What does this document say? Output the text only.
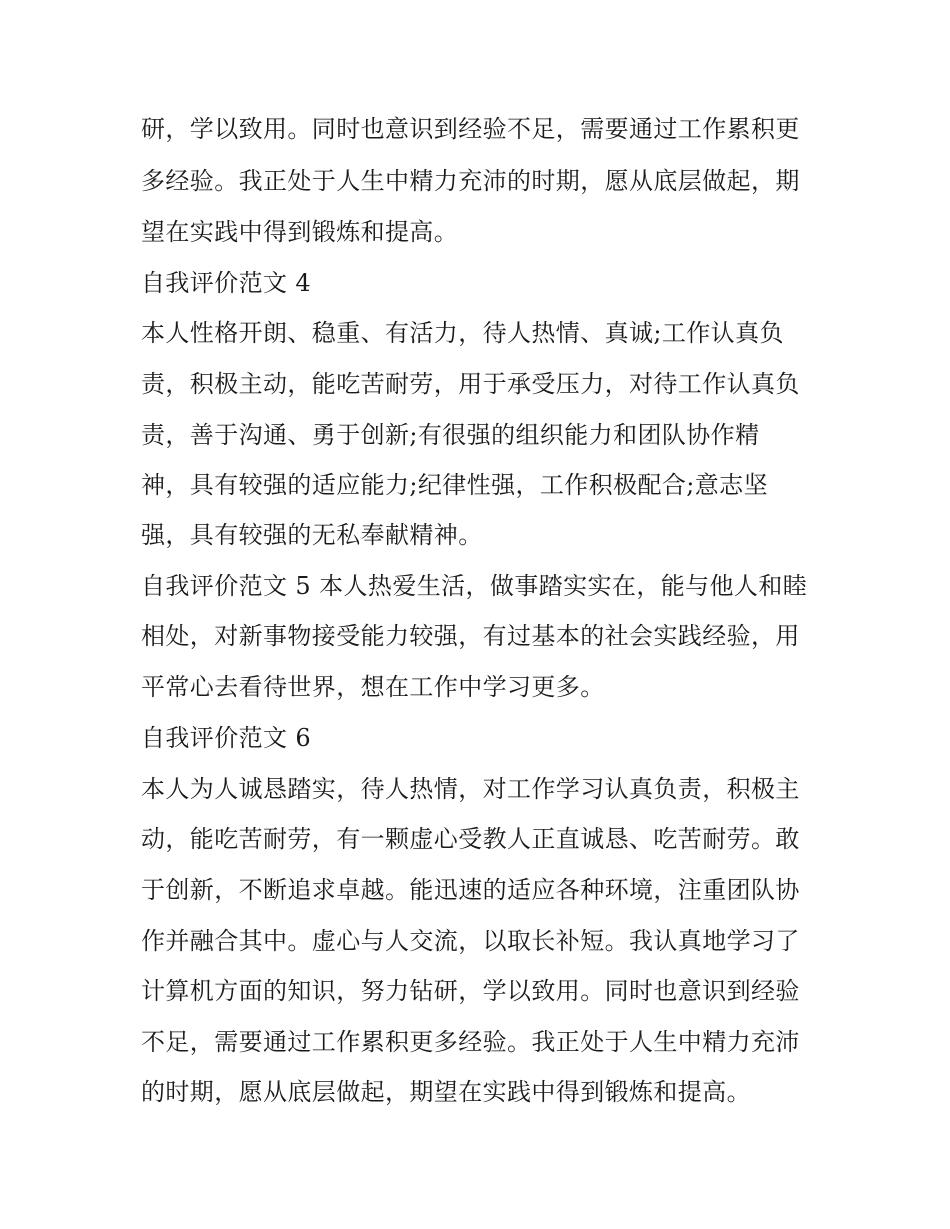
研，学以致用。同时也意识到经验不足，需要通过工作累积更
多经验。我正处于人生中精力充沛的时期，愿从底层做起，期
望在实践中得到锻炼和提高。
自我评价范文 4
本人性格开朗、稳重、有活力，待人热情、真诚;工作认真负
责，积极主动，能吃苦耐劳，用于承受压力，对待工作认真负
责，善于沟通、勇于创新;有很强的组织能力和团队协作精
神，具有较强的适应能力;纪律性强，工作积极配合;意志坚
强，具有较强的无私奉献精神。
自我评价范文 5 本人热爱生活，做事踏实实在，能与他人和睦
相处，对新事物接受能力较强，有过基本的社会实践经验，用
平常心去看待世界，想在工作中学习更多。
自我评价范文 6
本人为人诚恳踏实，待人热情，对工作学习认真负责，积极主
动，能吃苦耐劳，有一颗虚心受教人正直诚恳、吃苦耐劳。敢
于创新，不断追求卓越。能迅速的适应各种环境，注重团队协
作并融合其中。虚心与人交流，以取长补短。我认真地学习了
计算机方面的知识，努力钻研，学以致用。同时也意识到经验
不足，需要通过工作累积更多经验。我正处于人生中精力充沛
的时期，愿从底层做起，期望在实践中得到锻炼和提高。
